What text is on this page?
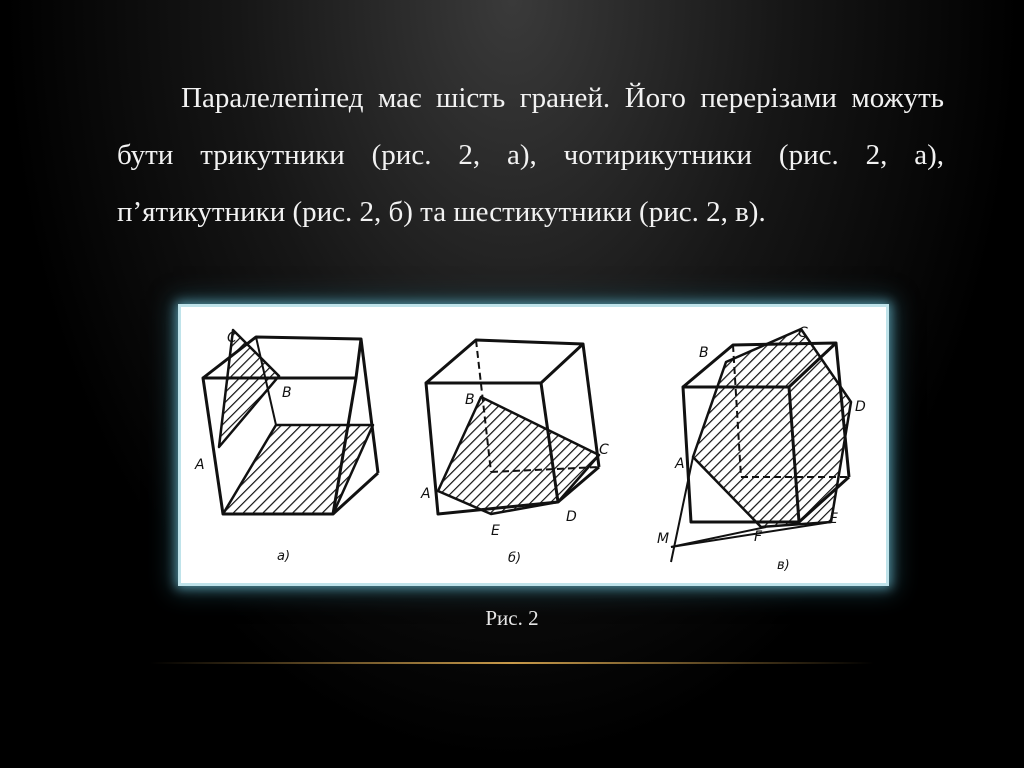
Паралелепіпед має шість граней. Його перерізами можуть бути трикутники (рис. 2, а), чотирикутники (рис. 2, а), п’ятикутники (рис. 2, б) та шестикутники (рис. 2, в).

C
B
A
а)
B
C
A
D
E
б)
B
C
D
A
E
F
M
в)
Рис. 2
